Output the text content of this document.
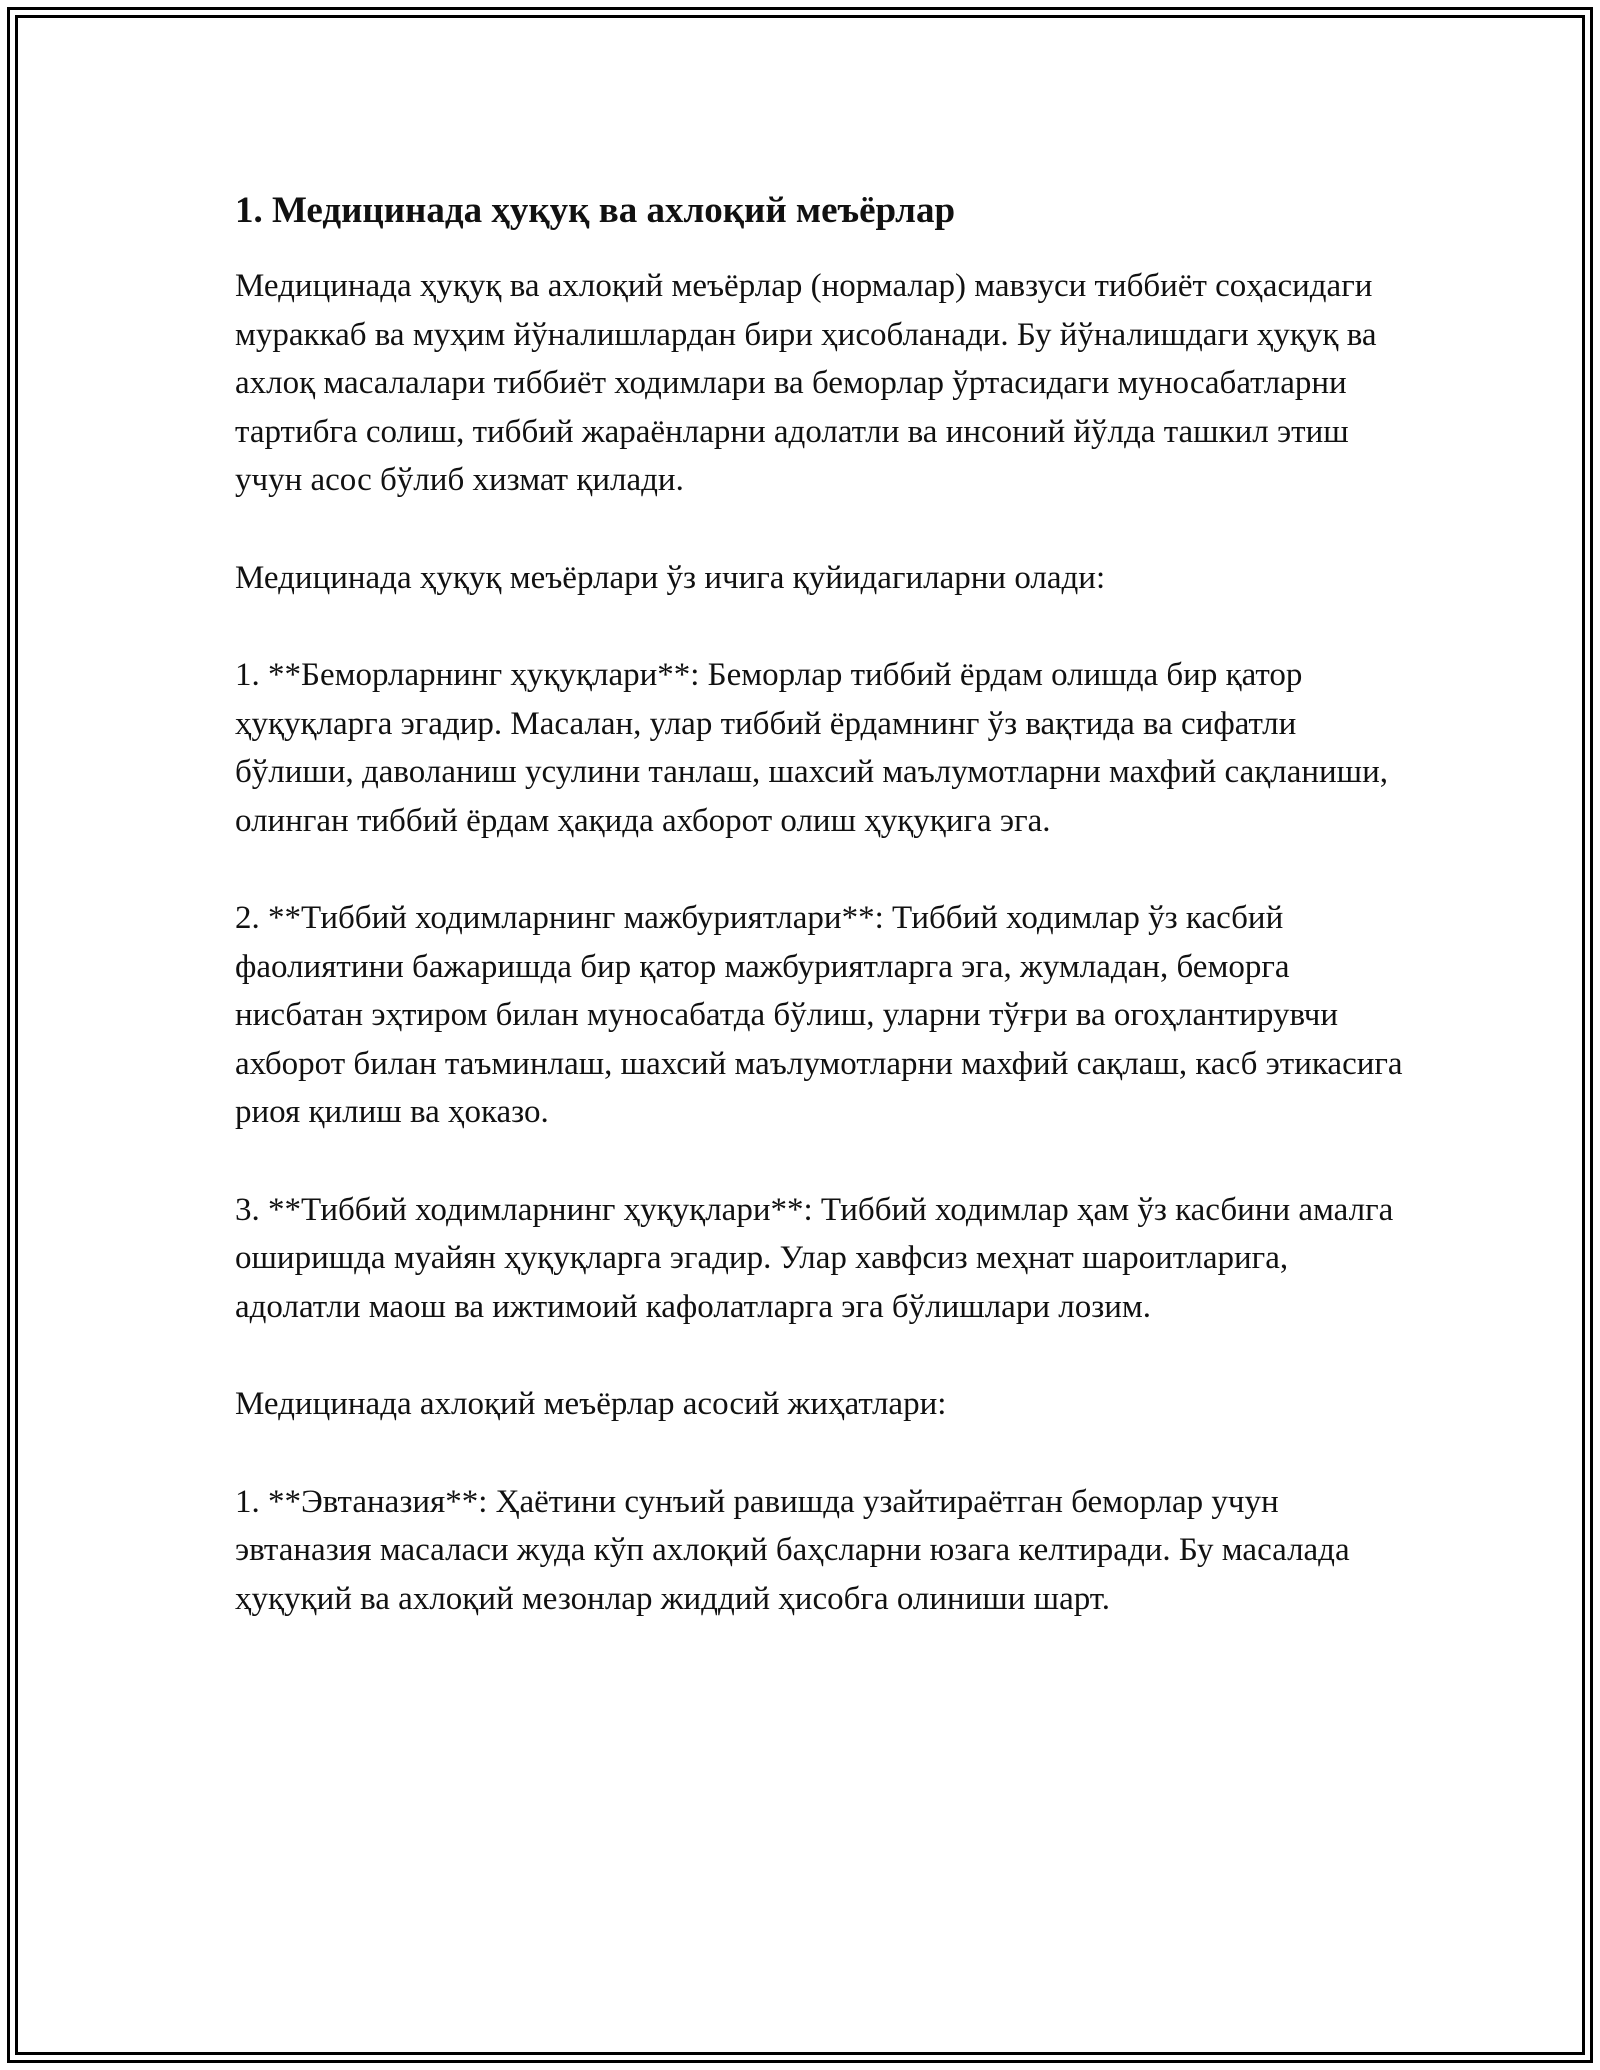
1. Медицинада ҳуқуқ ва ахлоқий меъёрлар

Медицинада ҳуқуқ ва ахлоқий меъёрлар (нормалар) мавзуси тиббиёт соҳасидаги мураккаб ва муҳим йўналишлардан бири ҳисобланади. Бу йўналишдаги ҳуқуқ ва ахлоқ масалалари тиббиёт ходимлари ва беморлар ўртасидаги муносабатларни тартибга солиш, тиббий жараёнларни адолатли ва инсоний йўлда ташкил этиш учун асос бўлиб хизмат қилади.

Медицинада ҳуқуқ меъёрлари ўз ичига қуйидагиларни олади:

1. **Беморларнинг ҳуқуқлари**: Беморлар тиббий ёрдам олишда бир қатор ҳуқуқларга эгадир. Масалан, улар тиббий ёрдамнинг ўз вақтида ва сифатли бўлиши, даволаниш усулини танлаш, шахсий маълумотларни махфий сақланиши, олинган тиббий ёрдам ҳақида ахборот олиш ҳуқуқига эга.

2. **Тиббий ходимларнинг мажбуриятлари**: Тиббий ходимлар ўз касбий фаолиятини бажаришда бир қатор мажбуриятларга эга, жумладан, беморга нисбатан эҳтиром билан муносабатда бўлиш, уларни тўғри ва огоҳлантирувчи ахборот билан таъминлаш, шахсий маълумотларни махфий сақлаш, касб этикасига риоя қилиш ва ҳоказо.

3. **Тиббий ходимларнинг ҳуқуқлари**: Тиббий ходимлар ҳам ўз касбини амалга оширишда муайян ҳуқуқларга эгадир. Улар хавфсиз меҳнат шароитларига, адолатли маош ва ижтимоий кафолатларга эга бўлишлари лозим.

Медицинада ахлоқий меъёрлар асосий жиҳатлари:

1. **Эвтаназия**: Ҳаётини сунъий равишда узайтираётган беморлар учун эвтаназия масаласи жуда кўп ахлоқий баҳсларни юзага келтиради. Бу масалада ҳуқуқий ва ахлоқий мезонлар жиддий ҳисобга олиниши шарт.
